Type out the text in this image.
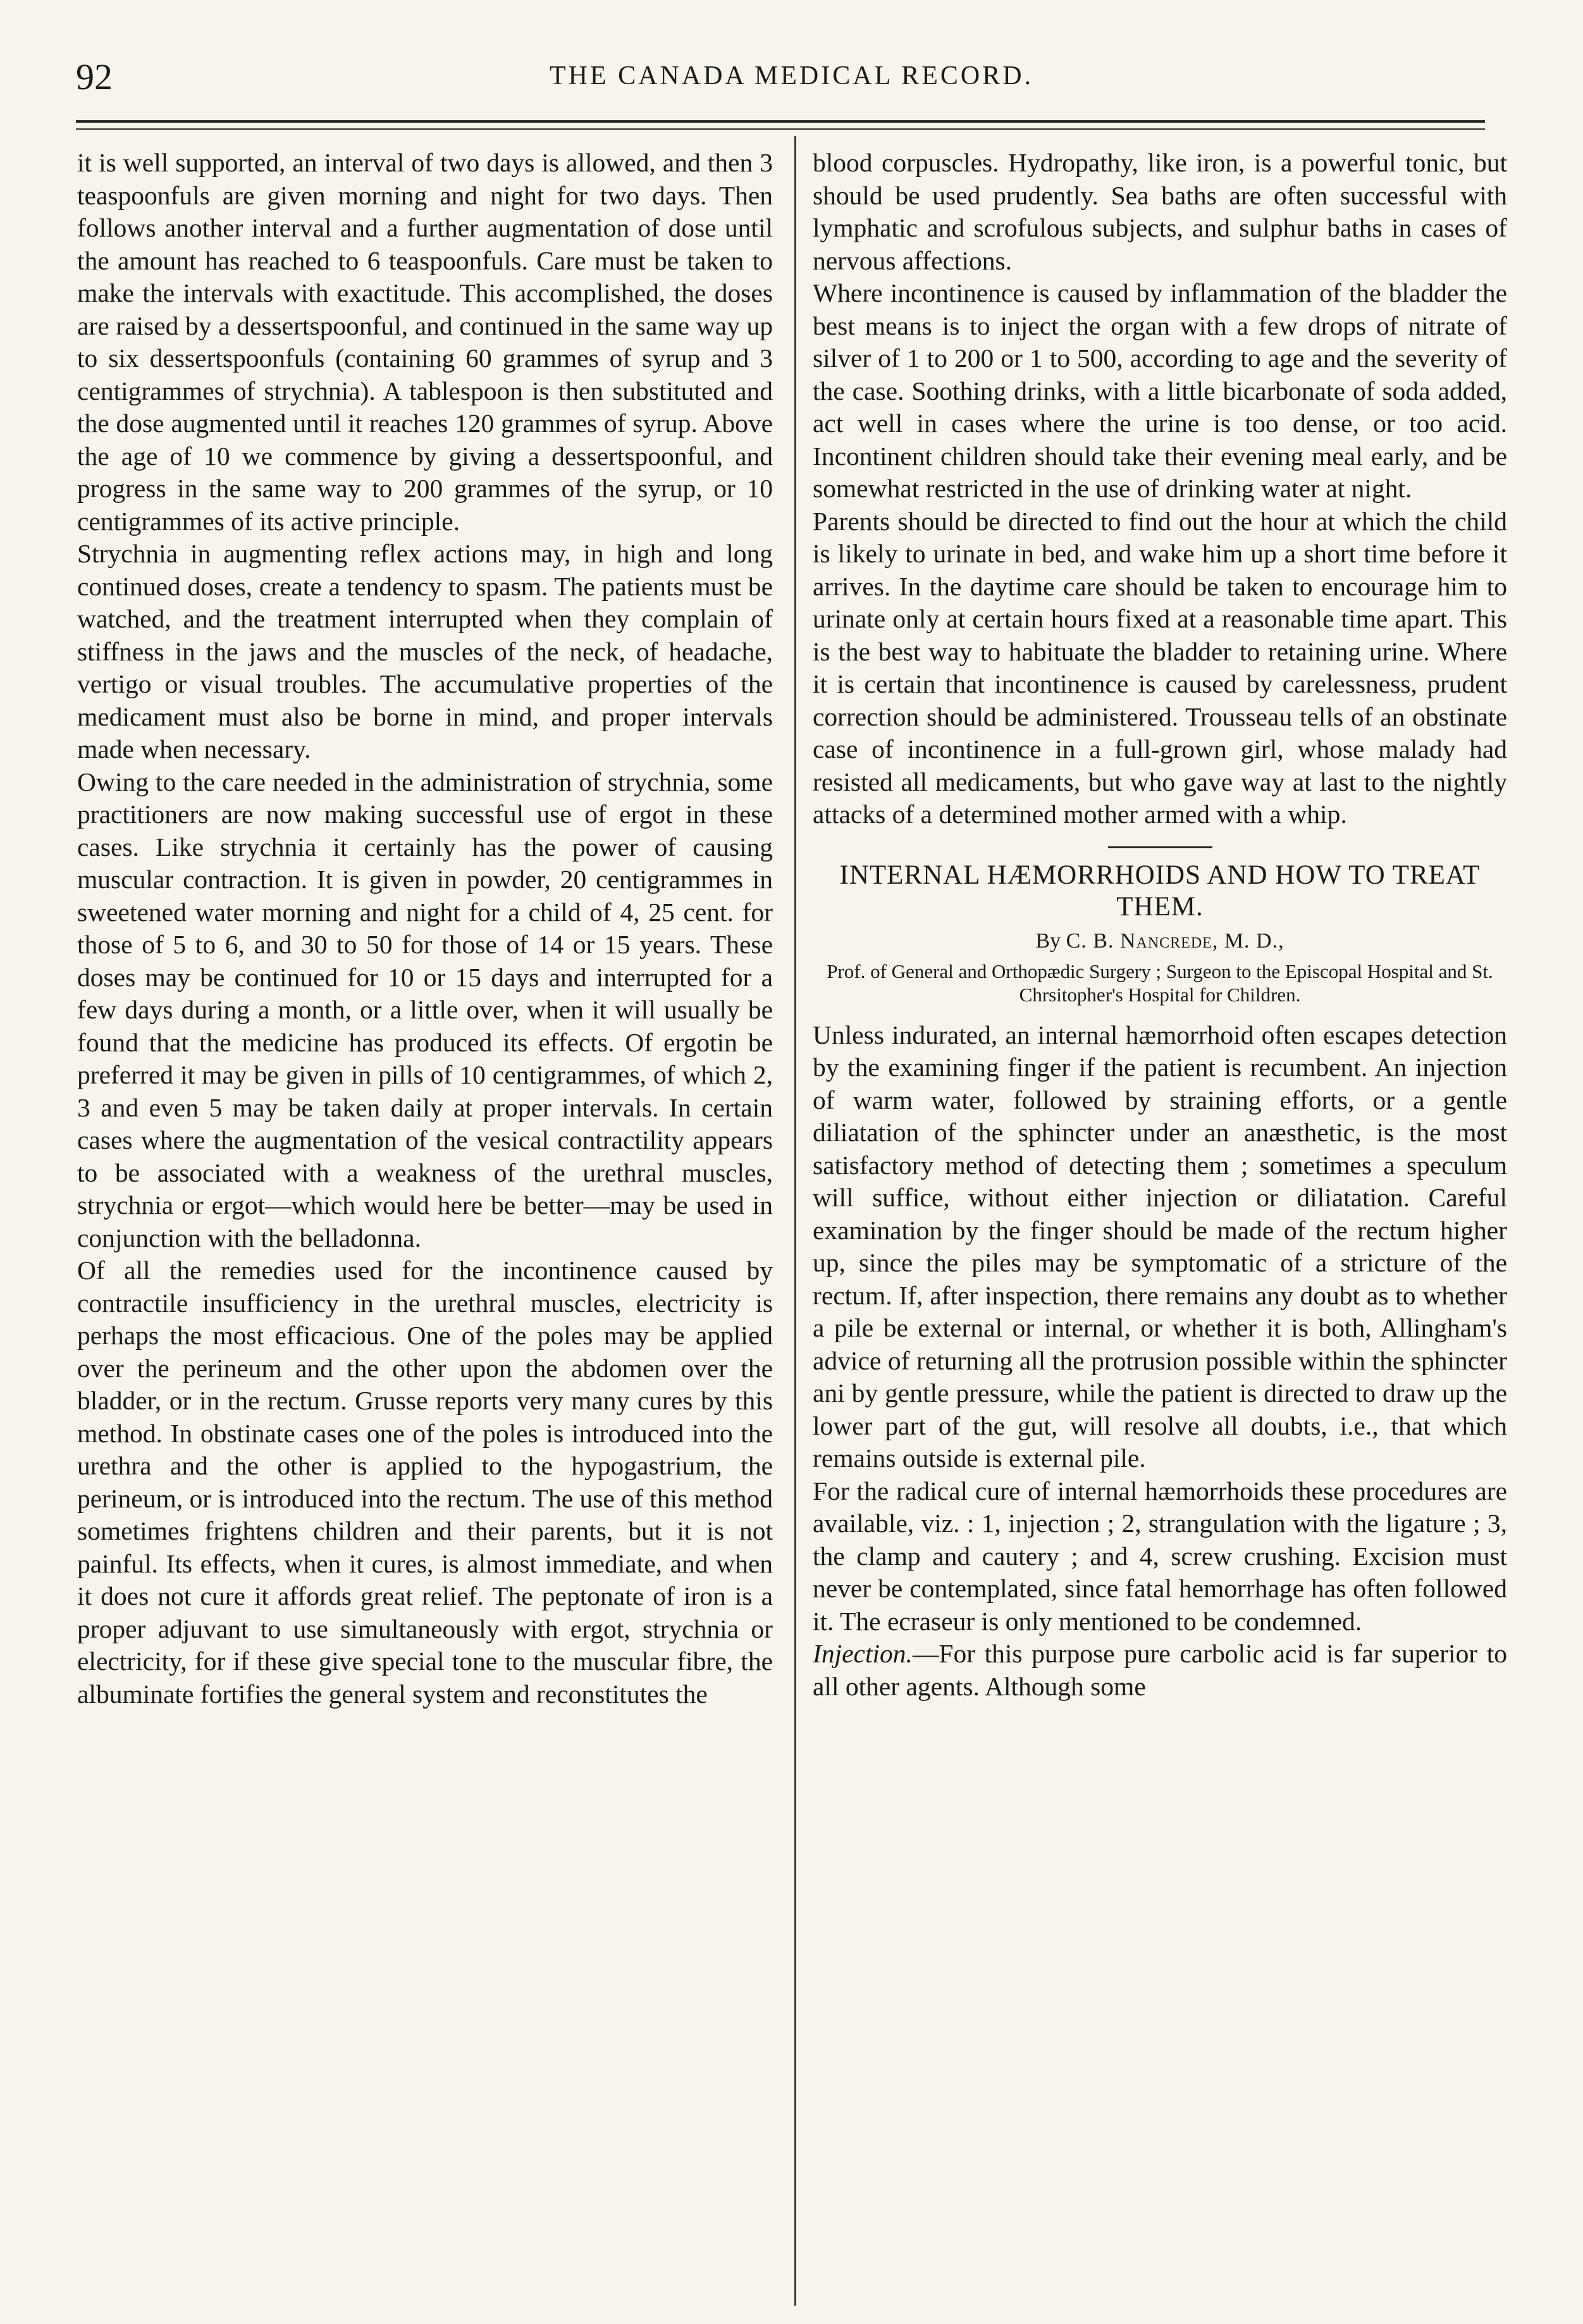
92	THE CANADA MEDICAL RECORD.

it is well supported, an interval of two days is allowed, and then 3 teaspoonfuls are given morning and night for two days. Then follows another interval and a further augmentation of dose until the amount has reached to 6 teaspoonfuls. Care must be taken to make the intervals with exactitude. This accomplished, the doses are raised by a dessertspoonful, and continued in the same way up to six dessertspoonfuls (containing 60 grammes of syrup and 3 centigrammes of strychnia). A tablespoon is then substituted and the dose augmented until it reaches 120 grammes of syrup. Above the age of 10 we commence by giving a dessertspoonful, and progress in the same way to 200 grammes of the syrup, or 10 centigrammes of its active principle.

Strychnia in augmenting reflex actions may, in high and long continued doses, create a tendency to spasm. The patients must be watched, and the treatment interrupted when they complain of stiffness in the jaws and the muscles of the neck, of headache, vertigo or visual troubles. The accumulative properties of the medicament must also be borne in mind, and proper intervals made when necessary.

Owing to the care needed in the administration of strychnia, some practitioners are now making successful use of ergot in these cases. Like strychnia it certainly has the power of causing muscular contraction. It is given in powder, 20 centigrammes in sweetened water morning and night for a child of 4, 25 cent. for those of 5 to 6, and 30 to 50 for those of 14 or 15 years. These doses may be continued for 10 or 15 days and interrupted for a few days during a month, or a little over, when it will usually be found that the medicine has produced its effects. Of ergotin be preferred it may be given in pills of 10 centigrammes, of which 2, 3 and even 5 may be taken daily at proper intervals. In certain cases where the augmentation of the vesical contractility appears to be associated with a weakness of the urethral muscles, strychnia or ergot—which would here be better—may be used in conjunction with the belladonna.

Of all the remedies used for the incontinence caused by contractile insufficiency in the urethral muscles, electricity is perhaps the most efficacious. One of the poles may be applied over the perineum and the other upon the abdomen over the bladder, or in the rectum. Grusse reports very many cures by this method. In obstinate cases one of the poles is introduced into the urethra and the other is applied to the hypogastrium, the perineum, or is introduced into the rectum. The use of this method sometimes frightens children and their parents, but it is not painful. Its effects, when it cures, is almost immediate, and when it does not cure it affords great relief. The peptonate of iron is a proper adjuvant to use simultaneously with ergot, strychnia or electricity, for if these give special tone to the muscular fibre, the albuminate fortifies the general system and reconstitutes the

blood corpuscles. Hydropathy, like iron, is a powerful tonic, but should be used prudently. Sea baths are often successful with lymphatic and scrofulous subjects, and sulphur baths in cases of nervous affections.

Where incontinence is caused by inflammation of the bladder the best means is to inject the organ with a few drops of nitrate of silver of 1 to 200 or 1 to 500, according to age and the severity of the case. Soothing drinks, with a little bicarbonate of soda added, act well in cases where the urine is too dense, or too acid. Incontinent children should take their evening meal early, and be somewhat restricted in the use of drinking water at night.

Parents should be directed to find out the hour at which the child is likely to urinate in bed, and wake him up a short time before it arrives. In the daytime care should be taken to encourage him to urinate only at certain hours fixed at a reasonable time apart. This is the best way to habituate the bladder to retaining urine. Where it is certain that incontinence is caused by carelessness, prudent correction should be administered. Trousseau tells of an obstinate case of incontinence in a full-grown girl, whose malady had resisted all medicaments, but who gave way at last to the nightly attacks of a determined mother armed with a whip.

INTERNAL HÆMORRHOIDS AND HOW TO TREAT THEM.

By C. B. Nancrede, M. D.,

Prof. of General and Orthopædic Surgery ; Surgeon to the Episcopal Hospital and St. Chrsitopher's Hospital for Children.

Unless indurated, an internal hæmorrhoid often escapes detection by the examining finger if the patient is recumbent. An injection of warm water, followed by straining efforts, or a gentle diliatation of the sphincter under an anæsthetic, is the most satisfactory method of detecting them ; sometimes a speculum will suffice, without either injection or diliatation. Careful examination by the finger should be made of the rectum higher up, since the piles may be symptomatic of a stricture of the rectum. If, after inspection, there remains any doubt as to whether a pile be external or internal, or whether it is both, Allingham's advice of returning all the protrusion possible within the sphincter ani by gentle pressure, while the patient is directed to draw up the lower part of the gut, will resolve all doubts, i.e., that which remains outside is external pile.

For the radical cure of internal hæmorrhoids these procedures are available, viz. : 1, injection ; 2, strangulation with the ligature ; 3, the clamp and cautery ; and 4, screw crushing. Excision must never be contemplated, since fatal hemorrhage has often followed it. The ecraseur is only mentioned to be condemned.

Injection.—For this purpose pure carbolic acid is far superior to all other agents. Although some
